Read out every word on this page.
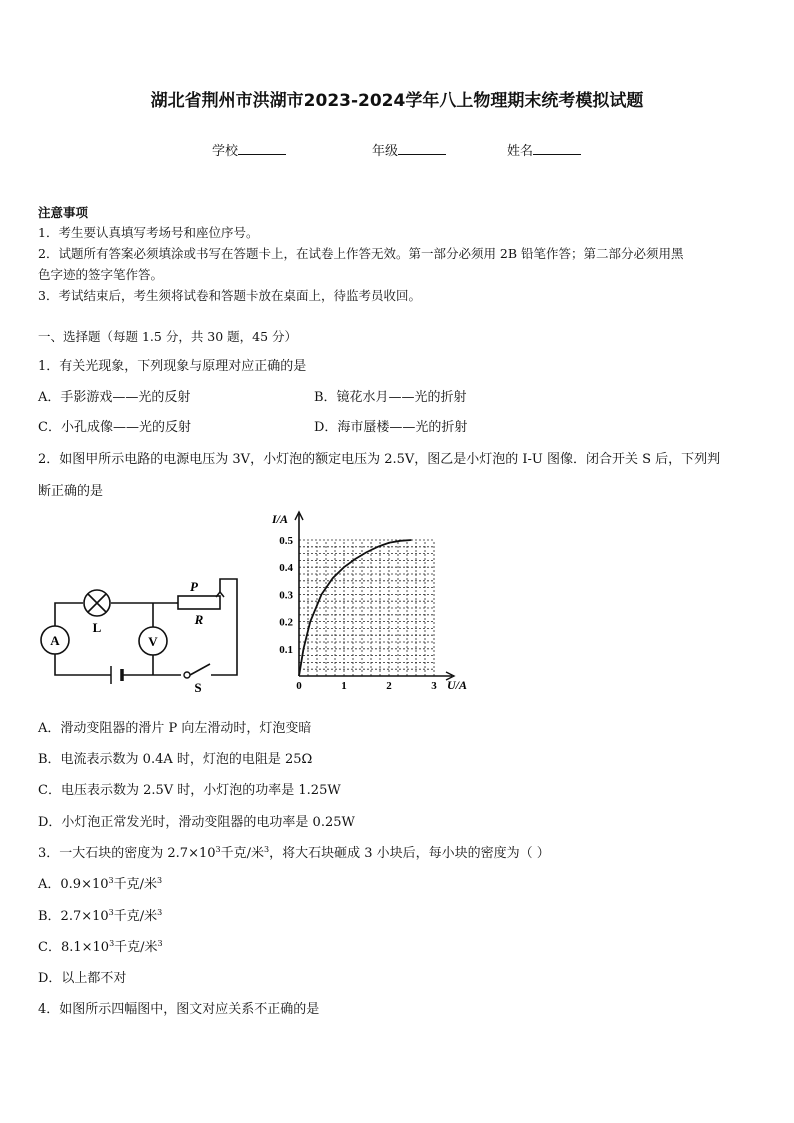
湖北省荆州市洪湖市2023-2024学年八上物理期末统考模拟试题
学校	年级	姓名
注意事项
1．考生要认真填写考场号和座位序号。
2．试题所有答案必须填涂或书写在答题卡上，在试卷上作答无效。第一部分必须用 2B 铅笔作答；第二部分必须用黑
色字迹的签字笔作答。
3．考试结束后，考生须将试卷和答题卡放在桌面上，待监考员收回。
一、选择题（每题 1.5 分，共 30 题，45 分）
1．有关光现象，下列现象与原理对应正确的是
A．手影游戏——光的反射	B．镜花水月——光的折射
C．小孔成像——光的反射	D．海市蜃楼——光的折射
2．如图甲所示电路的电源电压为 3V，小灯泡的额定电压为 2.5V，图乙是小灯泡的 I-U 图像．闭合开关 S 后，下列判
断正确的是
A
L
V
P
R
S	0	1	2	3
0.1
0.2
0.3
0.4
0.5
I/A
U/A
A．滑动变阻器的滑片 P 向左滑动时，灯泡变暗
B．电流表示数为 0.4A 时，灯泡的电阻是 25Ω
C．电压表示数为 2.5V 时，小灯泡的功率是 1.25W
D．小灯泡正常发光时，滑动变阻器的电功率是 0.25W
3．一大石块的密度为 $2.7\times 10^3$千克/米$^3$，将大石块砸成 3 小块后，每小块的密度为（ ）
A．$0.9\times 10^3$千克/米$^3$
B．$2.7\times 10^3$千克/米$^3$
C．$8.1\times 10^3$千克/米$^3$
D．以上都不对
4．如图所示四幅图中，图文对应关系不正确的是
